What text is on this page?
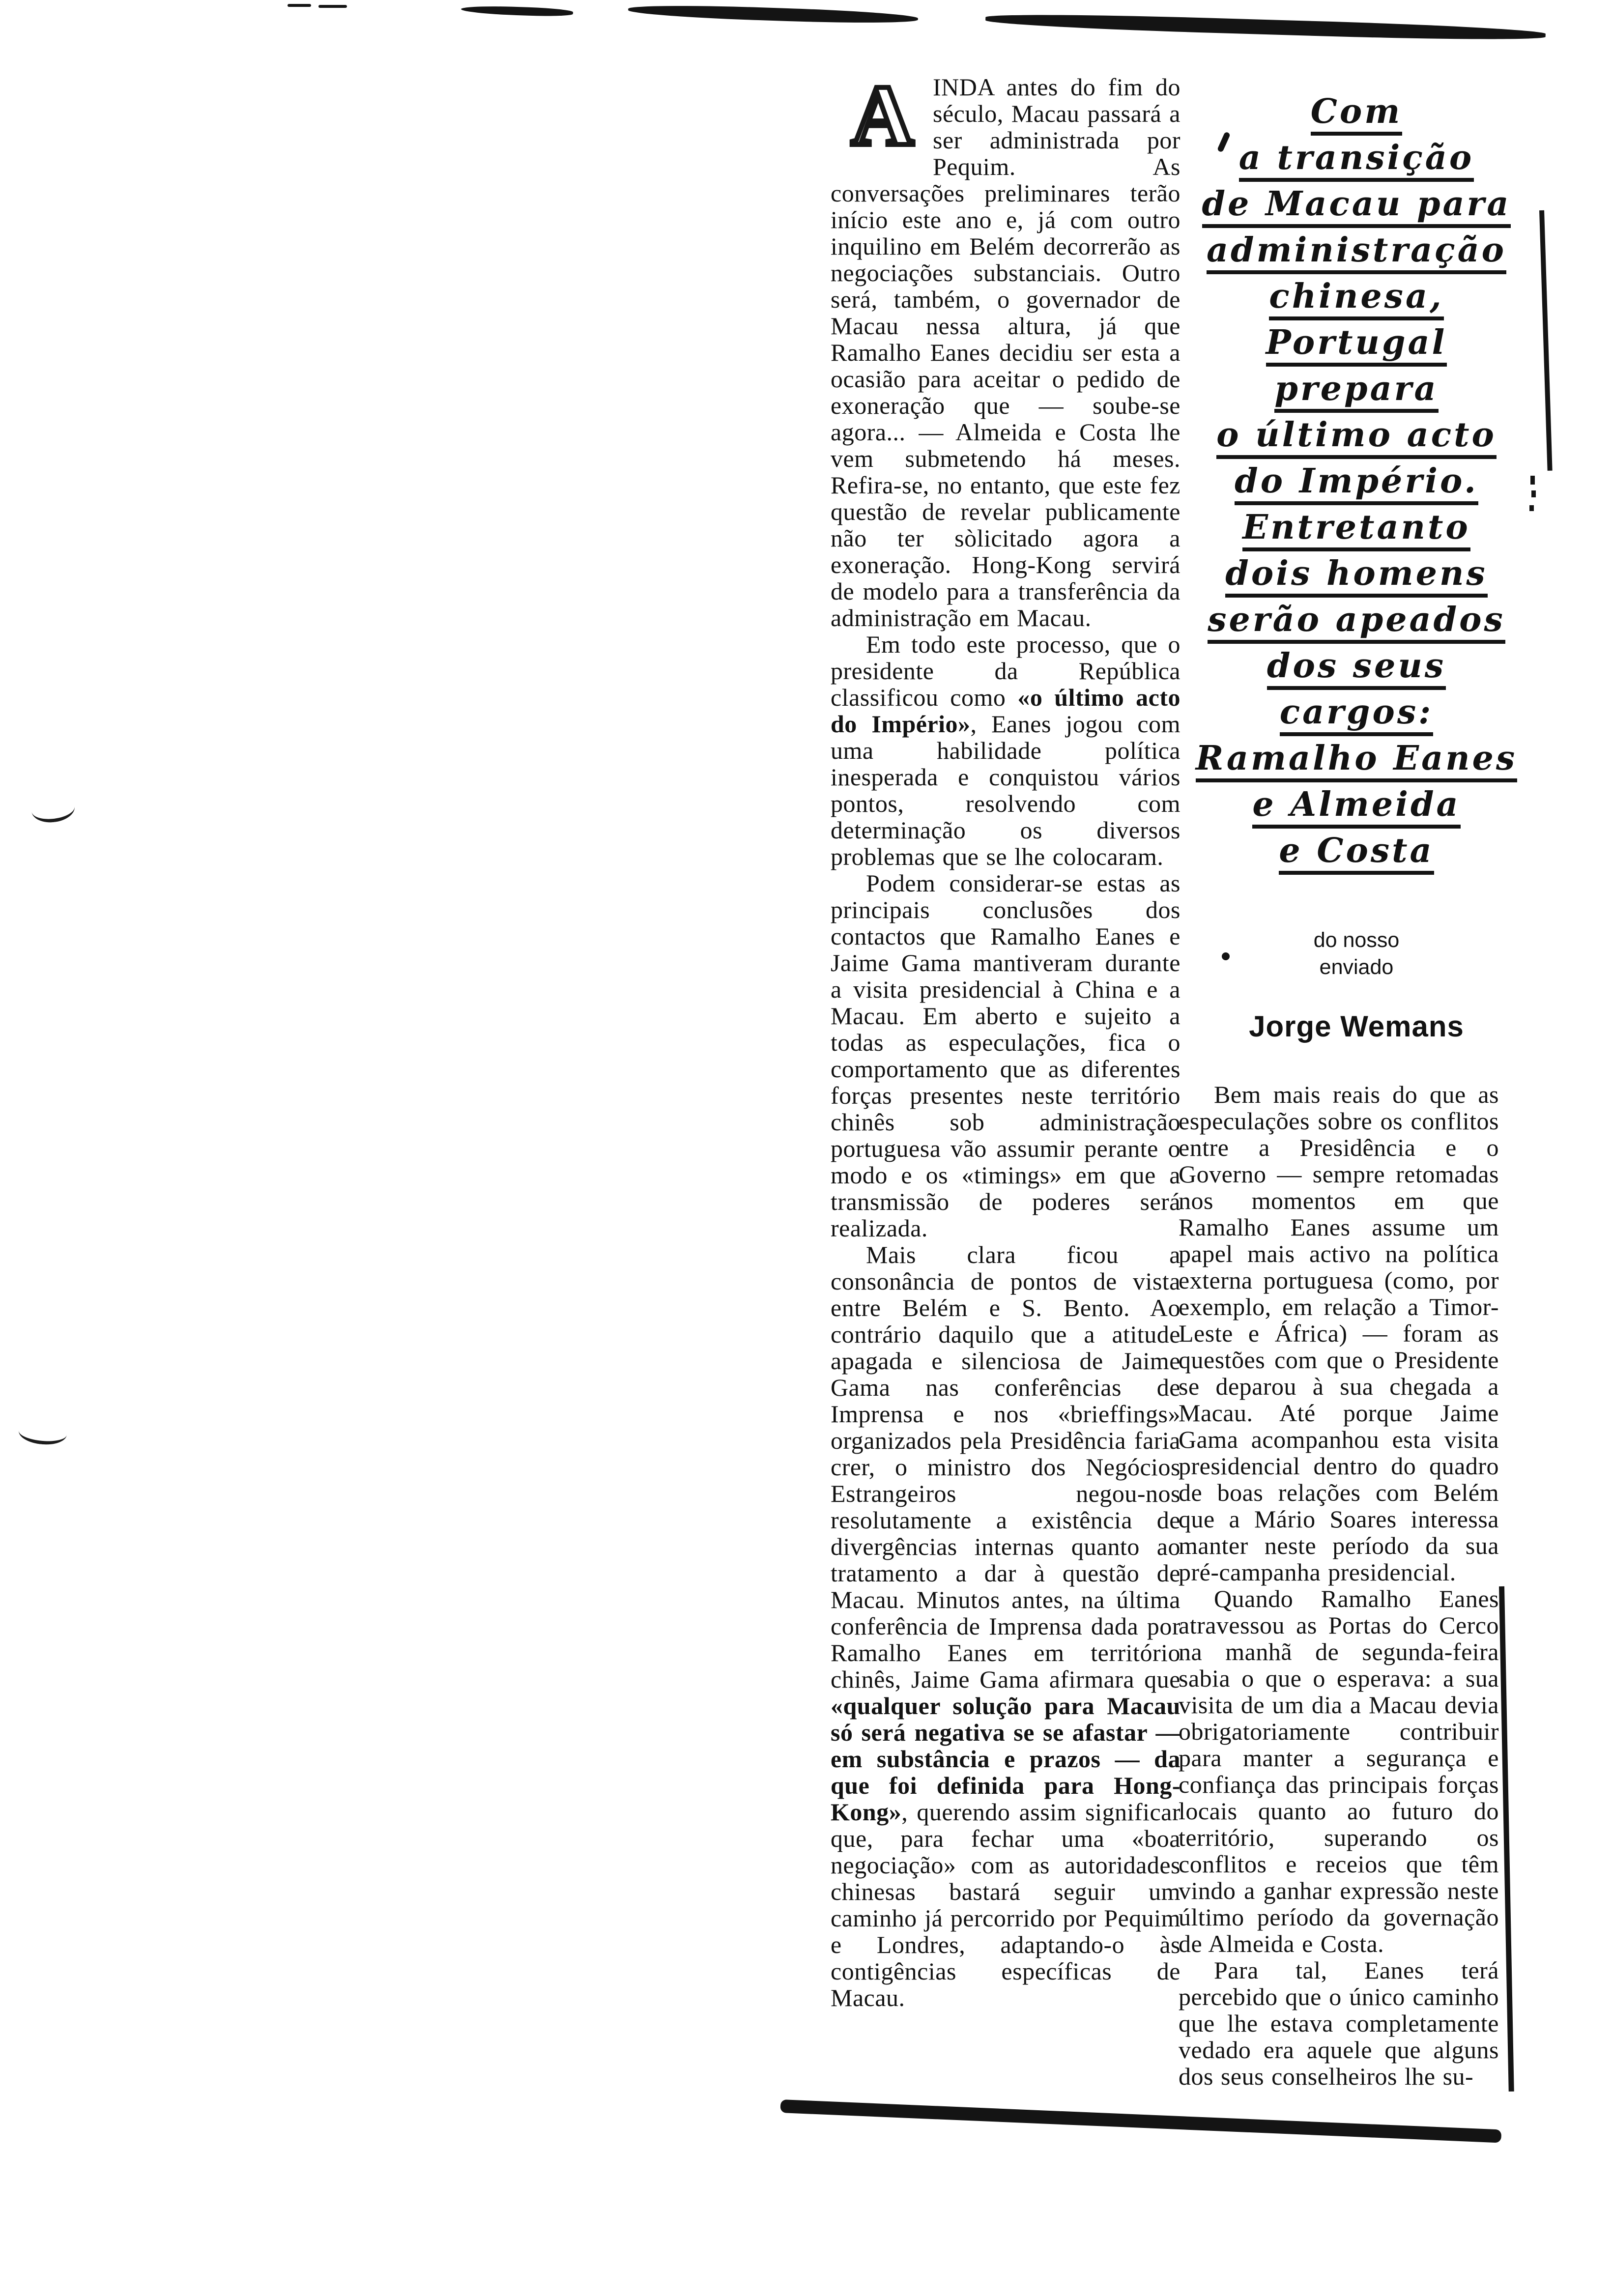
AINDA antes do fim do século, Macau passará a ser administrada por Pequim. As conversações preliminares terão início este ano e, já com outro inquilino em Belém decorrerão as negociações substanciais. Outro será, também, o governador de Macau nessa altura, já que Ramalho Eanes decidiu ser esta a ocasião para aceitar o pedido de exoneração que — soube-se agora... — Almeida e Costa lhe vem submetendo há meses. Refira-se, no entanto, que este fez questão de revelar publicamente não ter sòlicitado agora a exoneração. Hong-Kong servirá de modelo para a transferência da administração em Macau.

Em todo este processo, que o presidente da República classificou como «o último acto do Império», Eanes jogou com uma habilidade política inesperada e conquistou vários pontos, resolvendo com determinação os diversos problemas que se lhe colocaram.

Podem considerar-se estas as principais conclusões dos contactos que Ramalho Eanes e Jaime Gama mantiveram durante a visita presidencial à China e a Macau. Em aberto e sujeito a todas as especulações, fica o comportamento que as diferentes forças presentes neste território chinês sob administração portuguesa vão assumir perante o modo e os «timings» em que a transmissão de poderes será realizada.

Mais clara ficou a consonância de pontos de vista entre Belém e S. Bento. Ao contrário daquilo que a atitude apagada e silenciosa de Jaime Gama nas conferências de Imprensa e nos «brieffings» organizados pela Presidência faria crer, o ministro dos Negócios Estrangeiros negou-nos resolutamente a existência de divergências internas quanto ao tratamento a dar à questão de Macau. Minutos antes, na última conferência de Imprensa dada por Ramalho Eanes em território chinês, Jaime Gama afirmara que «qualquer solução para Macau só será negativa se se afastar — em substância e prazos — da que foi definida para Hong-Kong», querendo assim significar que, para fechar uma «boa negociação» com as autoridades chinesas bastará seguir um caminho já percorrido por Pequim e Londres, adaptando-o às contigências específicas de Macau.

Com
a transição
de Macau para
administração
chinesa,
Portugal
prepara
o último acto
do Império.
Entretanto
dois homens
serão apeados
dos seus
cargos:
Ramalho Eanes
e Almeida
e Costa
do nosso
enviado
Jorge Wemans

Bem mais reais do que as especulações sobre os conflitos entre a Presidência e o Governo — sempre retomadas nos momentos em que Ramalho Eanes assume um papel mais activo na política externa portuguesa (como, por exemplo, em relação a Timor-Leste e África) — foram as questões com que o Presidente se deparou à sua chegada a Macau. Até porque Jaime Gama acompanhou esta visita presidencial dentro do quadro de boas relações com Belém que a Mário Soares interessa manter neste período da sua pré-campanha presidencial.

Quando Ramalho Eanes atravessou as Portas do Cerco na manhã de segunda-feira sabia o que o esperava: a sua visita de um dia a Macau devia obrigatoriamente contribuir para manter a segurança e confiança das principais forças locais quanto ao futuro do território, superando os conflitos e receios que têm vindo a ganhar expressão neste último período da governação de Almeida e Costa.

Para tal, Eanes terá percebido que o único caminho que lhe estava completamente vedado era aquele que alguns dos seus conselheiros lhe su-
